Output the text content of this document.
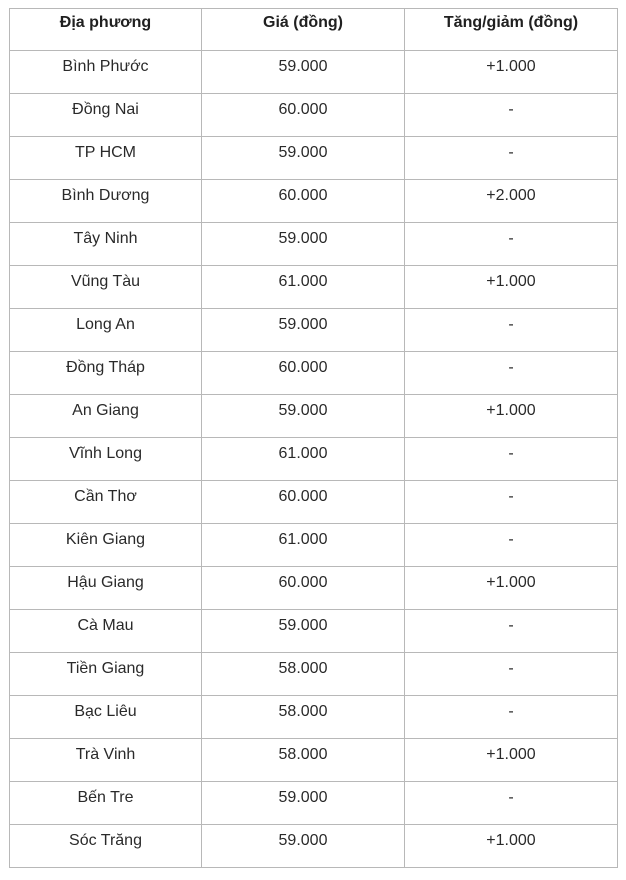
Địa phương	Giá (đồng)	Tăng/giảm (đồng)
Bình Phước	59.000	+1.000
Đồng Nai	60.000	-
TP HCM	59.000	-
Bình Dương	60.000	+2.000
Tây Ninh	59.000	-
Vũng Tàu	61.000	+1.000
Long An	59.000	-
Đồng Tháp	60.000	-
An Giang	59.000	+1.000
Vĩnh Long	61.000	-
Cần Thơ	60.000	-
Kiên Giang	61.000	-
Hậu Giang	60.000	+1.000
Cà Mau	59.000	-
Tiền Giang	58.000	-
Bạc Liêu	58.000	-
Trà Vinh	58.000	+1.000
Bến Tre	59.000	-
Sóc Trăng	59.000	+1.000
